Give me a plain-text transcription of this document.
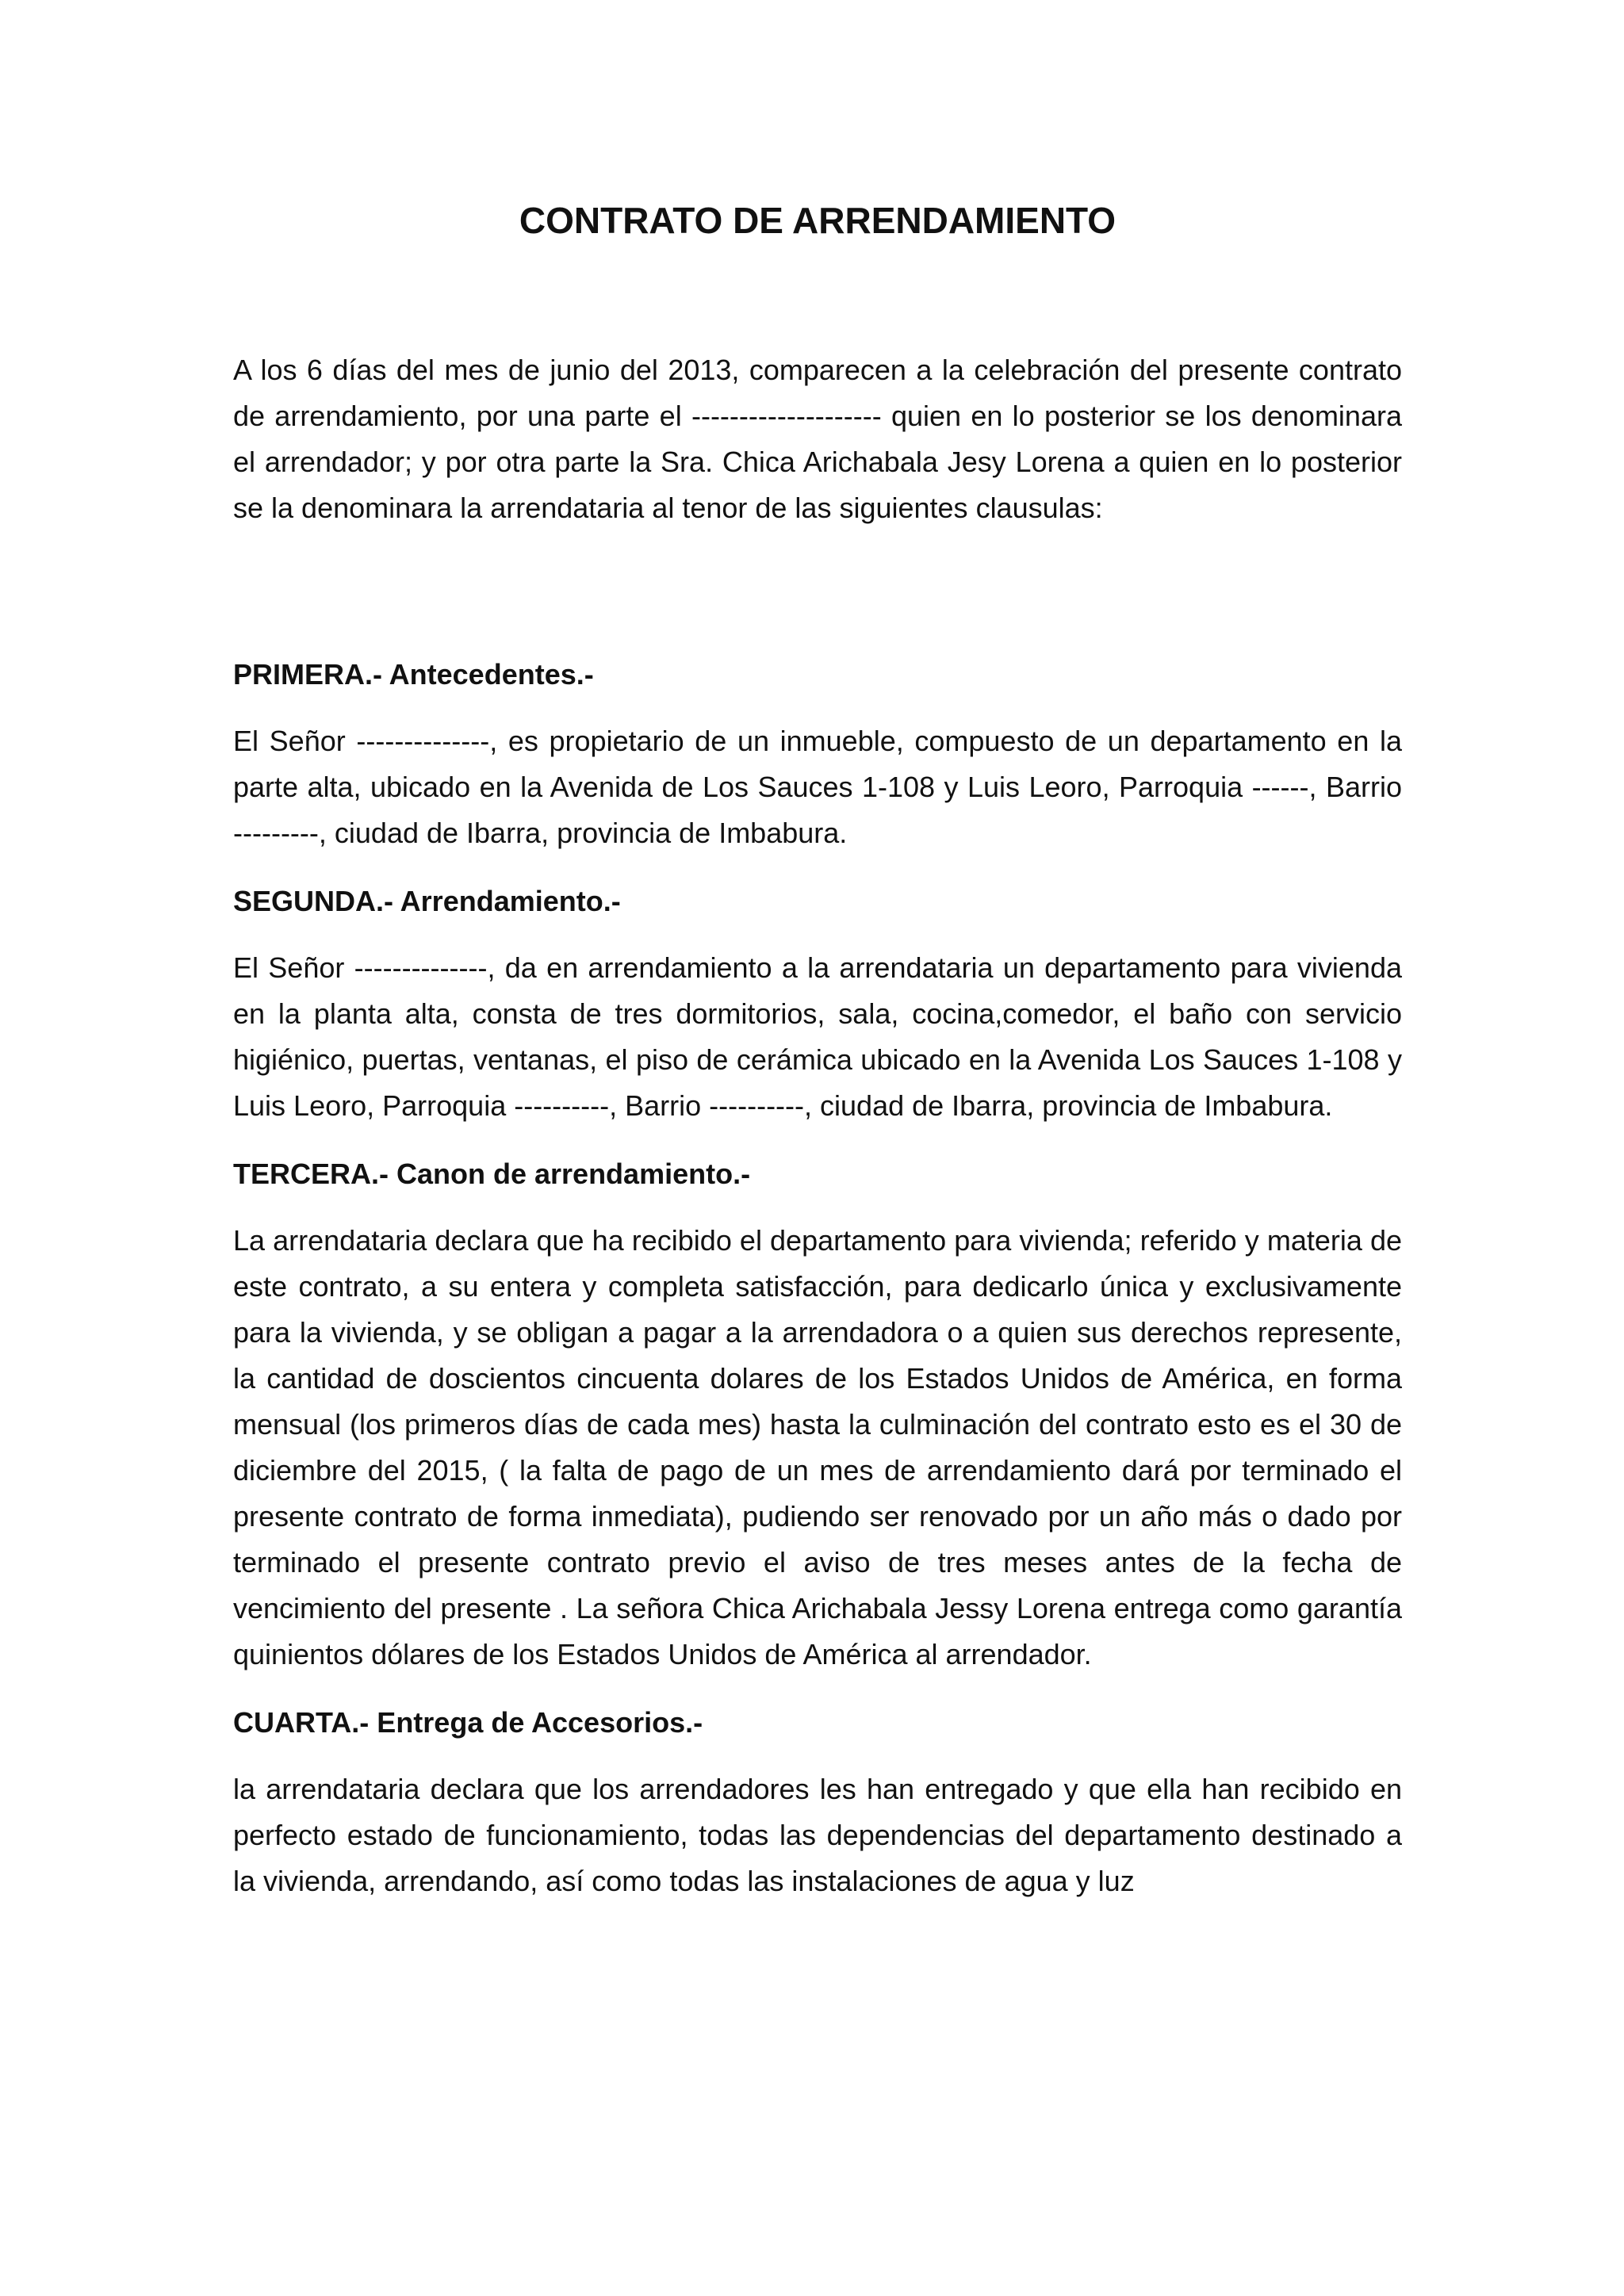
CONTRATO DE ARRENDAMIENTO

A los 6 días del mes de junio del 2013, comparecen a la celebración del presente contrato de arrendamiento, por una parte el -------------------- quien en lo posterior se los denominara el arrendador; y por otra parte la Sra. Chica Arichabala Jesy Lorena a quien en lo posterior se la denominara la arrendataria al tenor de las siguientes clausulas:

PRIMERA.- Antecedentes.-

El Señor --------------, es propietario de un inmueble, compuesto de un departamento en la parte alta, ubicado en la Avenida de Los Sauces 1-108 y Luis Leoro, Parroquia ------, Barrio ---------, ciudad de Ibarra, provincia de Imbabura.

SEGUNDA.- Arrendamiento.-

El Señor --------------, da en arrendamiento a la arrendataria un departamento para vivienda en la planta alta, consta de tres dormitorios, sala, cocina,comedor, el baño con servicio higiénico, puertas, ventanas, el piso de cerámica ubicado en la Avenida Los Sauces 1-108 y Luis Leoro, Parroquia ----------, Barrio ----------, ciudad de Ibarra, provincia de Imbabura.

TERCERA.- Canon de arrendamiento.-

La arrendataria declara que ha recibido el departamento para vivienda; referido y materia de este contrato, a su entera y completa satisfacción, para dedicarlo única y exclusivamente para la vivienda, y se obligan a pagar a la arrendadora o a quien sus derechos represente, la cantidad de doscientos cincuenta dolares de los Estados Unidos de América, en forma mensual (los primeros días de cada mes) hasta la culminación del contrato esto es el 30 de diciembre del 2015, ( la falta de pago de un mes de arrendamiento dará por terminado el presente contrato de forma inmediata), pudiendo ser renovado por un año más o dado por terminado el presente contrato previo el aviso de tres meses antes de la fecha de vencimiento del presente . La señora Chica Arichabala Jessy Lorena entrega como garantía quinientos dólares de los Estados Unidos de América al arrendador.

CUARTA.- Entrega de Accesorios.-

la arrendataria declara que los arrendadores les han entregado y que ella han recibido en perfecto estado de funcionamiento, todas las dependencias del departamento destinado a la vivienda, arrendando, así como todas las instalaciones de agua y luz
